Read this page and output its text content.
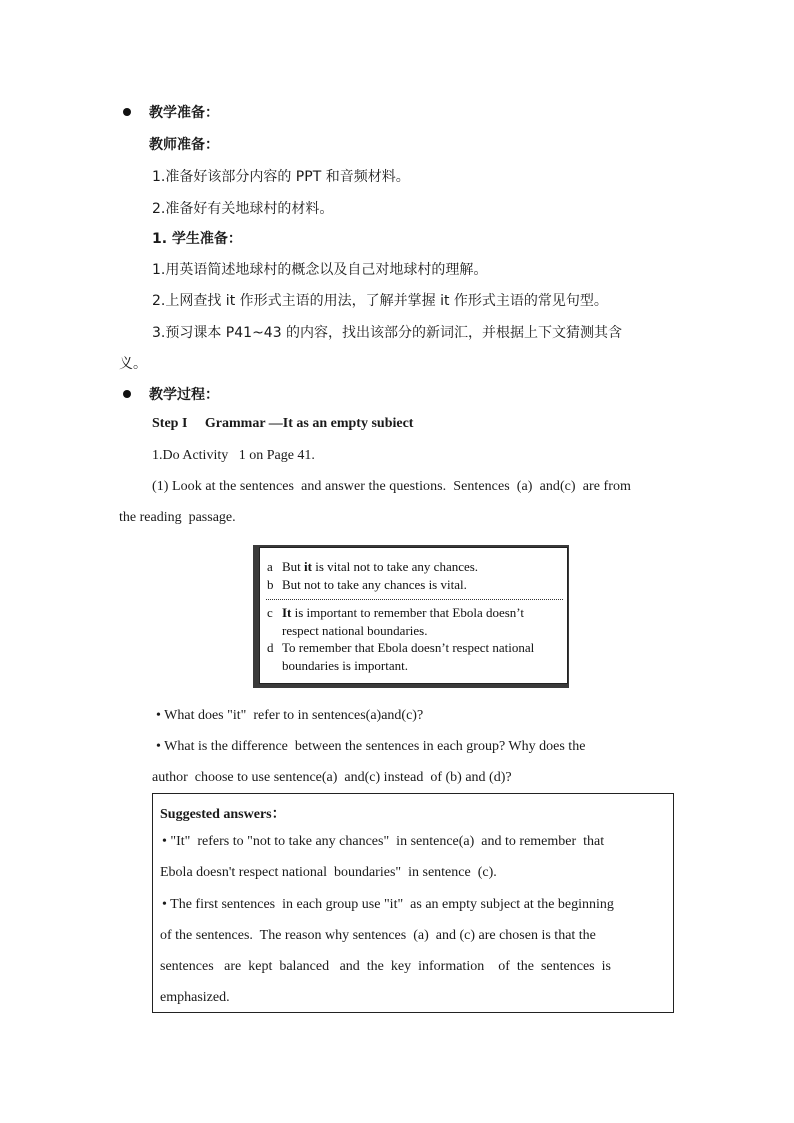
教学准备：
教师准备：
1.准备好该部分内容的 PPT 和音频材料。
2.准备好有关地球村的材料。
1. 学生准备：
1.用英语简述地球村的概念以及自己对地球村的理解。
2.上网查找 it 作形式主语的用法，了解并掌握 it 作形式主语的常见句型。
3.预习课本 P41~43 的内容，找出该部分的新词汇，并根据上下文猜测其含
义。
教学过程：
Step I     Grammar —It as an empty subiect
1.Do Activity   1 on Page 41.
(1) Look at the sentences  and answer the questions.  Sentences  (a)  and(c)  are from
the reading  passage.
a But it is vital not to take any chances.
b But not to take any chances is vital.
c It is important to remember that Ebola doesn’t
respect national boundaries.
d To remember that Ebola doesn’t respect national
boundaries is important.
• What does "it"  refer to in sentences(a)and(c)?
• What is the difference  between the sentences in each group? Why does the
author  choose to use sentence(a)  and(c) instead  of (b) and (d)?
Suggested answers：
• "It"  refers to "not to take any chances"  in sentence(a)  and to remember  that
Ebola doesn't respect national  boundaries"  in sentence  (c).
• The first sentences  in each group use "it"  as an empty subject at the beginning
of the sentences.  The reason why sentences  (a)  and (c) are chosen is that the
sentences   are  kept  balanced   and  the  key  information    of  the  sentences  is
emphasized.
